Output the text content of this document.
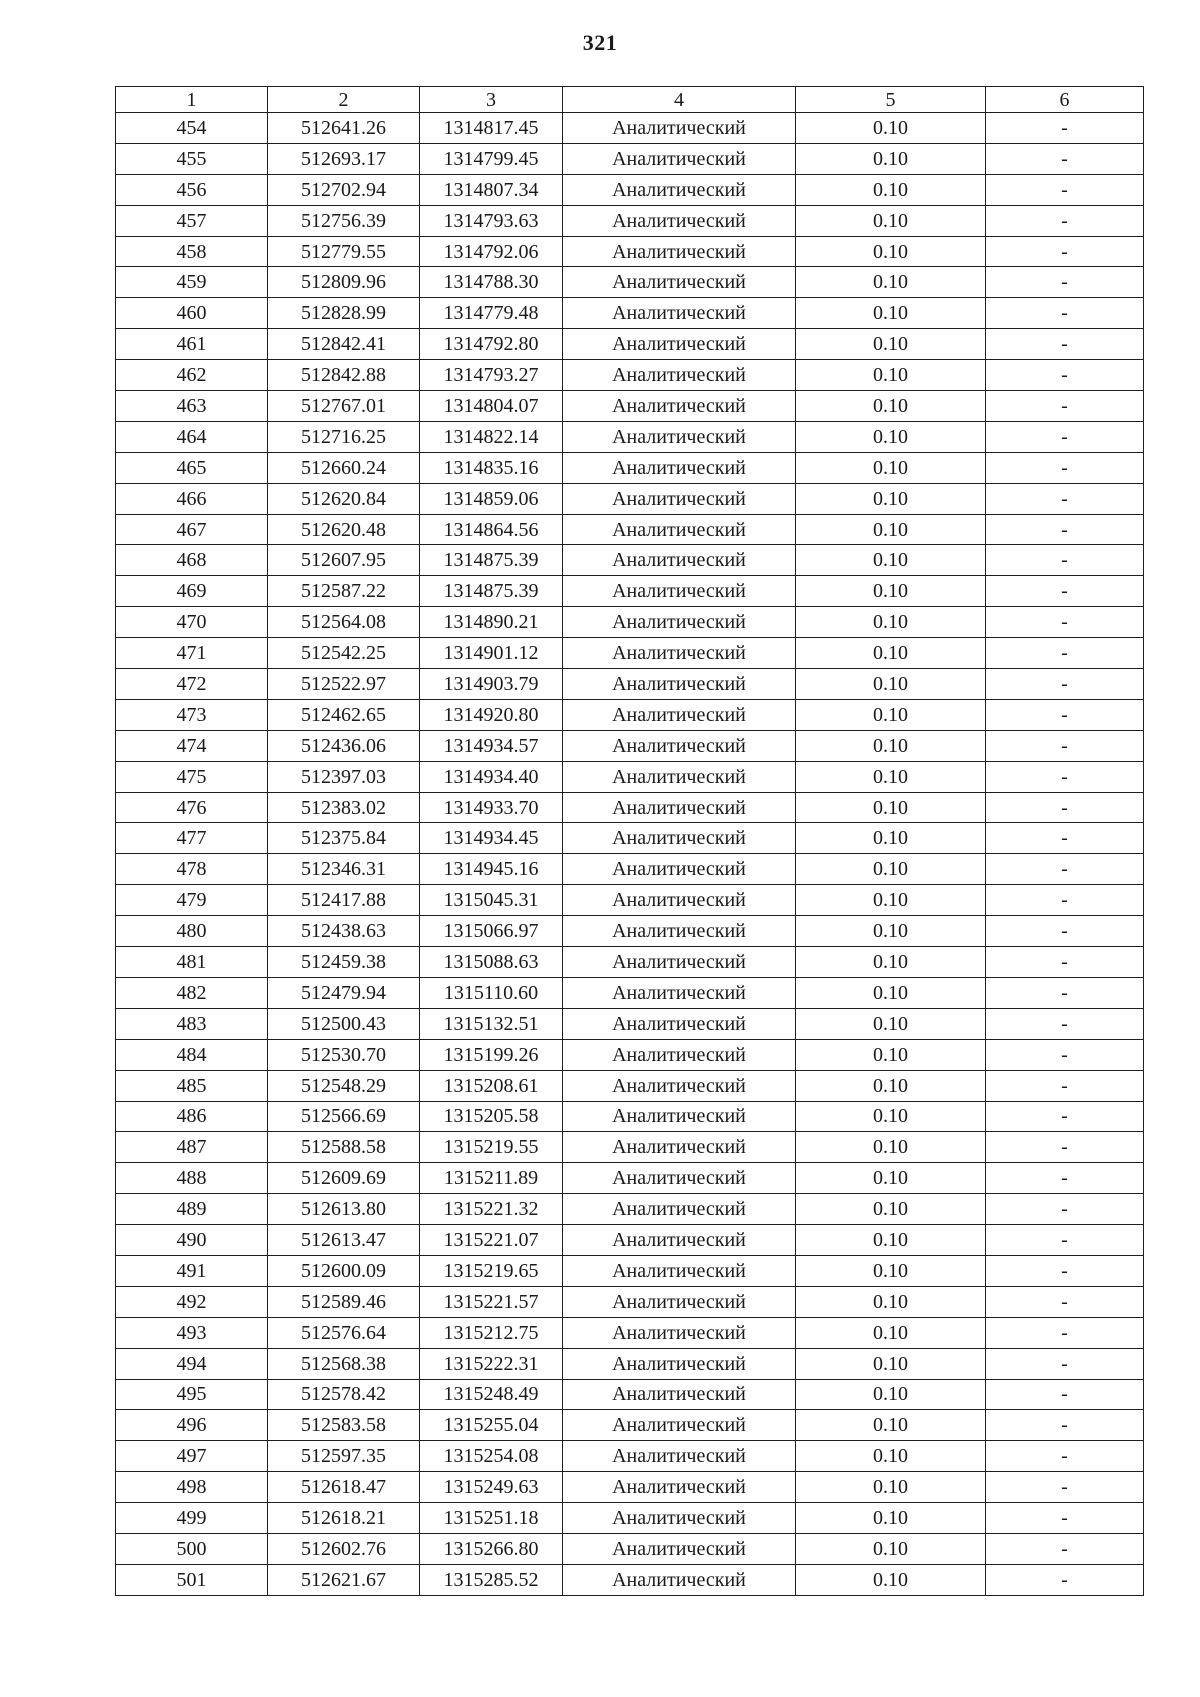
321
1	2	3	4	5	6
454	512641.26	1314817.45	Аналитический	0.10	-
455	512693.17	1314799.45	Аналитический	0.10	-
456	512702.94	1314807.34	Аналитический	0.10	-
457	512756.39	1314793.63	Аналитический	0.10	-
458	512779.55	1314792.06	Аналитический	0.10	-
459	512809.96	1314788.30	Аналитический	0.10	-
460	512828.99	1314779.48	Аналитический	0.10	-
461	512842.41	1314792.80	Аналитический	0.10	-
462	512842.88	1314793.27	Аналитический	0.10	-
463	512767.01	1314804.07	Аналитический	0.10	-
464	512716.25	1314822.14	Аналитический	0.10	-
465	512660.24	1314835.16	Аналитический	0.10	-
466	512620.84	1314859.06	Аналитический	0.10	-
467	512620.48	1314864.56	Аналитический	0.10	-
468	512607.95	1314875.39	Аналитический	0.10	-
469	512587.22	1314875.39	Аналитический	0.10	-
470	512564.08	1314890.21	Аналитический	0.10	-
471	512542.25	1314901.12	Аналитический	0.10	-
472	512522.97	1314903.79	Аналитический	0.10	-
473	512462.65	1314920.80	Аналитический	0.10	-
474	512436.06	1314934.57	Аналитический	0.10	-
475	512397.03	1314934.40	Аналитический	0.10	-
476	512383.02	1314933.70	Аналитический	0.10	-
477	512375.84	1314934.45	Аналитический	0.10	-
478	512346.31	1314945.16	Аналитический	0.10	-
479	512417.88	1315045.31	Аналитический	0.10	-
480	512438.63	1315066.97	Аналитический	0.10	-
481	512459.38	1315088.63	Аналитический	0.10	-
482	512479.94	1315110.60	Аналитический	0.10	-
483	512500.43	1315132.51	Аналитический	0.10	-
484	512530.70	1315199.26	Аналитический	0.10	-
485	512548.29	1315208.61	Аналитический	0.10	-
486	512566.69	1315205.58	Аналитический	0.10	-
487	512588.58	1315219.55	Аналитический	0.10	-
488	512609.69	1315211.89	Аналитический	0.10	-
489	512613.80	1315221.32	Аналитический	0.10	-
490	512613.47	1315221.07	Аналитический	0.10	-
491	512600.09	1315219.65	Аналитический	0.10	-
492	512589.46	1315221.57	Аналитический	0.10	-
493	512576.64	1315212.75	Аналитический	0.10	-
494	512568.38	1315222.31	Аналитический	0.10	-
495	512578.42	1315248.49	Аналитический	0.10	-
496	512583.58	1315255.04	Аналитический	0.10	-
497	512597.35	1315254.08	Аналитический	0.10	-
498	512618.47	1315249.63	Аналитический	0.10	-
499	512618.21	1315251.18	Аналитический	0.10	-
500	512602.76	1315266.80	Аналитический	0.10	-
501	512621.67	1315285.52	Аналитический	0.10	-
